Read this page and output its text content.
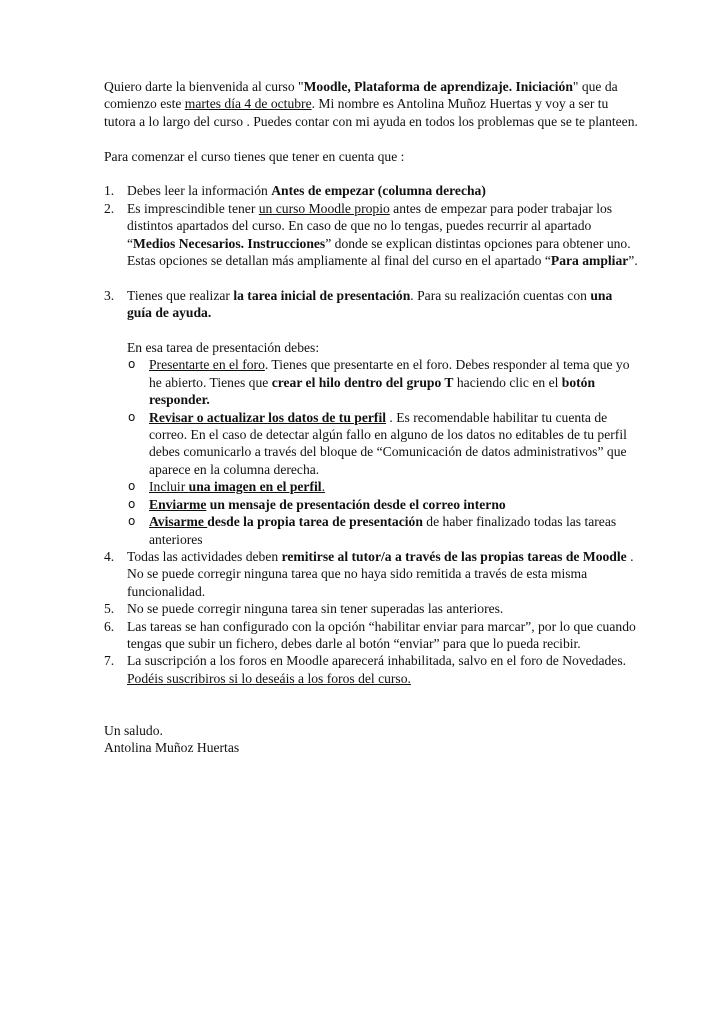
Quiero darte la bienvenida al curso "Moodle, Plataforma de aprendizaje. Iniciación" que da comienzo este martes día 4 de octubre. Mi nombre es Antolina Muñoz Huertas y voy a ser tu tutora a lo largo del curso . Puedes contar con mi ayuda en todos los problemas que se te planteen.

Para comenzar el curso tienes que tener en cuenta que :

1. Debes leer la información Antes de empezar (columna derecha)
2. Es imprescindible tener un curso Moodle propio antes de empezar para poder trabajar los distintos apartados del curso. En caso de que no lo tengas, puedes recurrir al apartado “Medios Necesarios. Instrucciones” donde se explican distintas opciones para obtener uno. Estas opciones se detallan más ampliamente al final del curso en el apartado “Para ampliar”.
3. Tienes que realizar la tarea inicial de presentación. Para su realización cuentas con una guía de ayuda.

En esa tarea de presentación debes:

o Presentarte en el foro. Tienes que presentarte en el foro. Debes responder al tema que yo he abierto. Tienes que crear el hilo dentro del grupo T haciendo clic en el botón responder.
o Revisar o actualizar los datos de tu perfil . Es recomendable habilitar tu cuenta de correo. En el caso de detectar algún fallo en alguno de los datos no editables de tu perfil debes comunicarlo a través del bloque de “Comunicación de datos administrativos” que aparece en la columna derecha.
o Incluir una imagen en el perfil.
o Enviarme un mensaje de presentación desde el correo interno
o Avisarme desde la propia tarea de presentación de haber finalizado todas las tareas anteriores
4. Todas las actividades deben remitirse al tutor/a a través de las propias tareas de Moodle . No se puede corregir ninguna tarea que no haya sido remitida a través de esta misma funcionalidad.
5. No se puede corregir ninguna tarea sin tener superadas las anteriores.
6. Las tareas se han configurado con la opción “habilitar enviar para marcar”, por lo que cuando tengas que subir un fichero, debes darle al botón “enviar” para que lo pueda recibir.
7. La suscripción a los foros en Moodle aparecerá inhabilitada, salvo en el foro de Novedades. Podéis suscribiros si lo deseáis a los foros del curso.

Un saludo.

Antolina Muñoz Huertas
